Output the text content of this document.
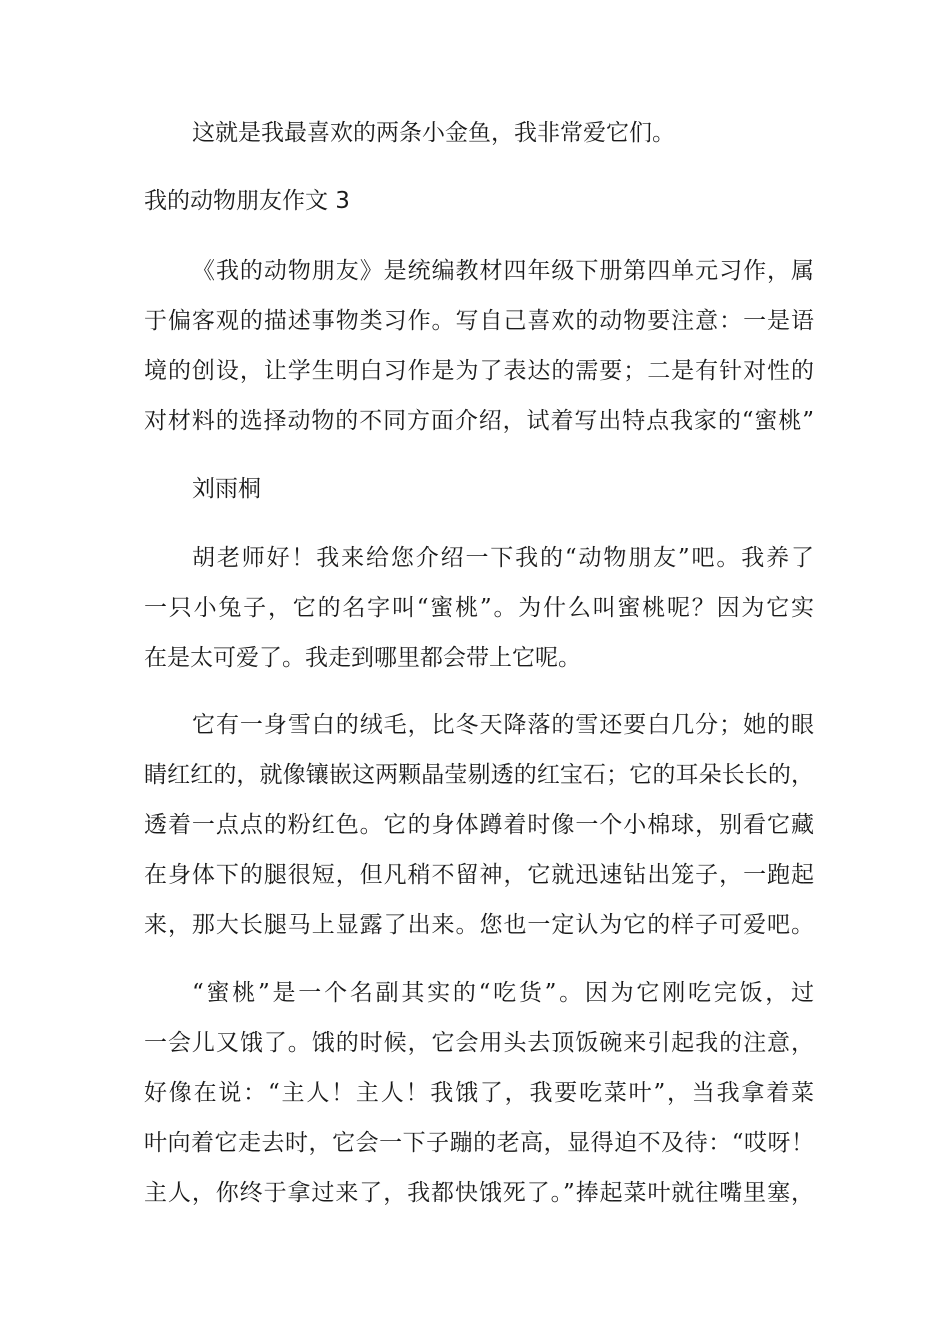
这就是我最喜欢的两条小金鱼，我非常爱它们。
我的动物朋友作文 3
《我的动物朋友》是统编教材四年级下册第四单元习作，属
于偏客观的描述事物类习作。写自己喜欢的动物要注意：一是语
境的创设，让学生明白习作是为了表达的需要；二是有针对性的
对材料的选择动物的不同方面介绍，试着写出特点我家的“蜜桃”
刘雨桐
胡老师好！我来给您介绍一下我的“动物朋友”吧。我养了
一只小兔子，它的名字叫“蜜桃”。为什么叫蜜桃呢？因为它实
在是太可爱了。我走到哪里都会带上它呢。
它有一身雪白的绒毛，比冬天降落的雪还要白几分；她的眼
睛红红的，就像镶嵌这两颗晶莹剔透的红宝石；它的耳朵长长的，
透着一点点的粉红色。它的身体蹲着时像一个小棉球，别看它藏
在身体下的腿很短，但凡稍不留神，它就迅速钻出笼子，一跑起
来，那大长腿马上显露了出来。您也一定认为它的样子可爱吧。
“蜜桃”是一个名副其实的“吃货”。因为它刚吃完饭，过
一会儿又饿了。饿的时候，它会用头去顶饭碗来引起我的注意，
好像在说：“主人！主人！我饿了，我要吃菜叶”，当我拿着菜
叶向着它走去时，它会一下子蹦的老高，显得迫不及待：“哎呀！
主人，你终于拿过来了，我都快饿死了。”捧起菜叶就往嘴里塞，
